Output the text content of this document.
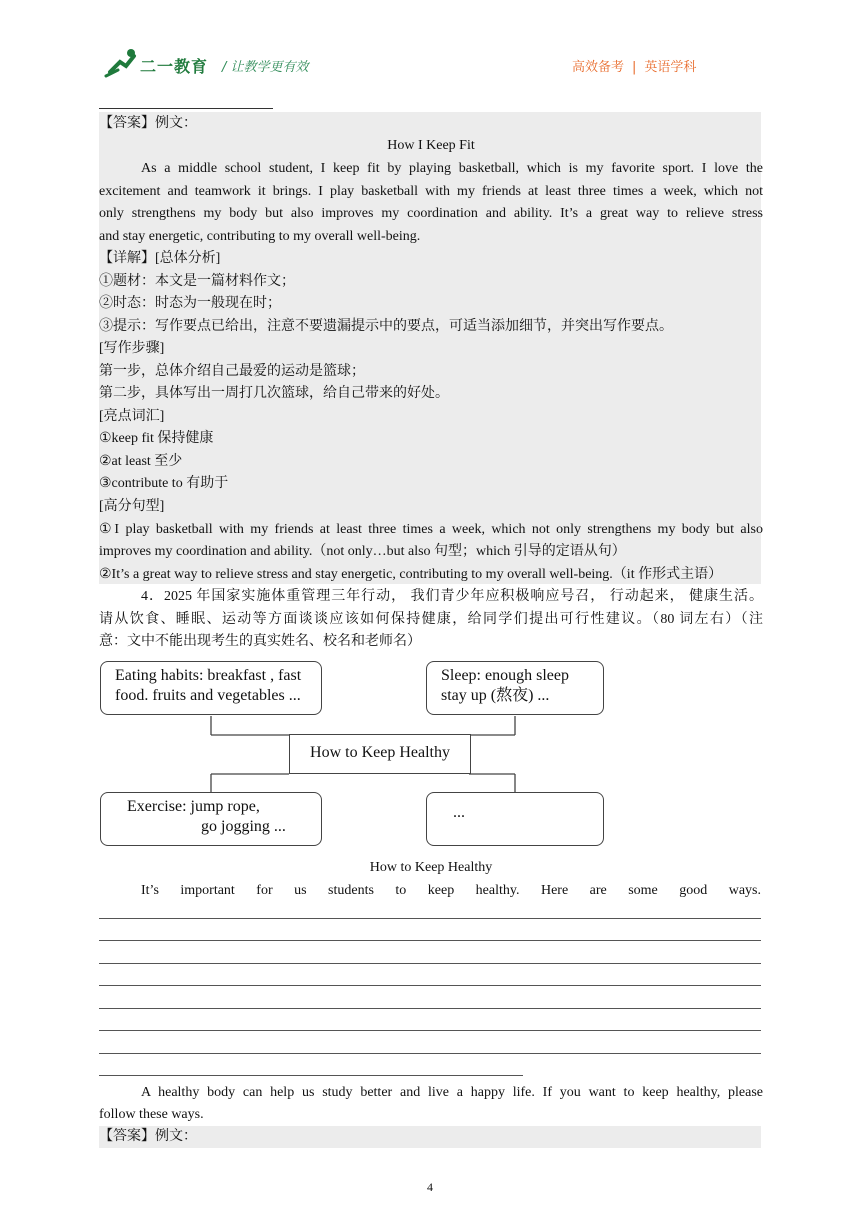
二一教育 / 让教学更有效	高效备考 | 英语学科
【答案】例文：
How I Keep Fit
As a middle school student, I keep fit by playing basketball, which is my favorite sport. I love the
excitement and teamwork it brings. I play basketball with my friends at least three times a week, which not
only strengthens my body but also improves my coordination and ability. It’s a great way to relieve stress
and stay energetic, contributing to my overall well-being.
【详解】[总体分析]
①题材：本文是一篇材料作文；
②时态：时态为一般现在时；
③提示：写作要点已给出，注意不要遗漏提示中的要点，可适当添加细节，并突出写作要点。
[写作步骤]
第一步，总体介绍自己最爱的运动是篮球；
第二步，具体写出一周打几次篮球，给自己带来的好处。
[亮点词汇]
①keep fit 保持健康
②at least 至少
③contribute to 有助于
[高分句型]
①I play basketball with my friends at least three times a week, which not only strengthens my body but also
improves my coordination and ability.（not only…but also 句型；which 引导的定语从句）
②It’s a great way to relieve stress and stay energetic, contributing to my overall well-being.（it 作形式主语）
4．2025 年国家实施体重管理三年行动， 我们青少年应积极响应号召， 行动起来， 健康生活。
请从饮食、睡眠、运动等方面谈谈应该如何保持健康，给同学们提出可行性建议。（80 词左右）（注
意：文中不能出现考生的真实姓名、校名和老师名）
Eating habits: breakfast , fast
food. fruits and vegetables ...
Sleep: enough sleep
stay up (熬夜) ...
How to Keep Healthy
Exercise: jump rope,
go jogging ...
...
How to Keep Healthy
It’s important for us students to keep healthy. Here are some good ways.
A healthy body can help us study better and live a happy life. If you want to keep healthy, please
follow these ways.
【答案】例文：
4
